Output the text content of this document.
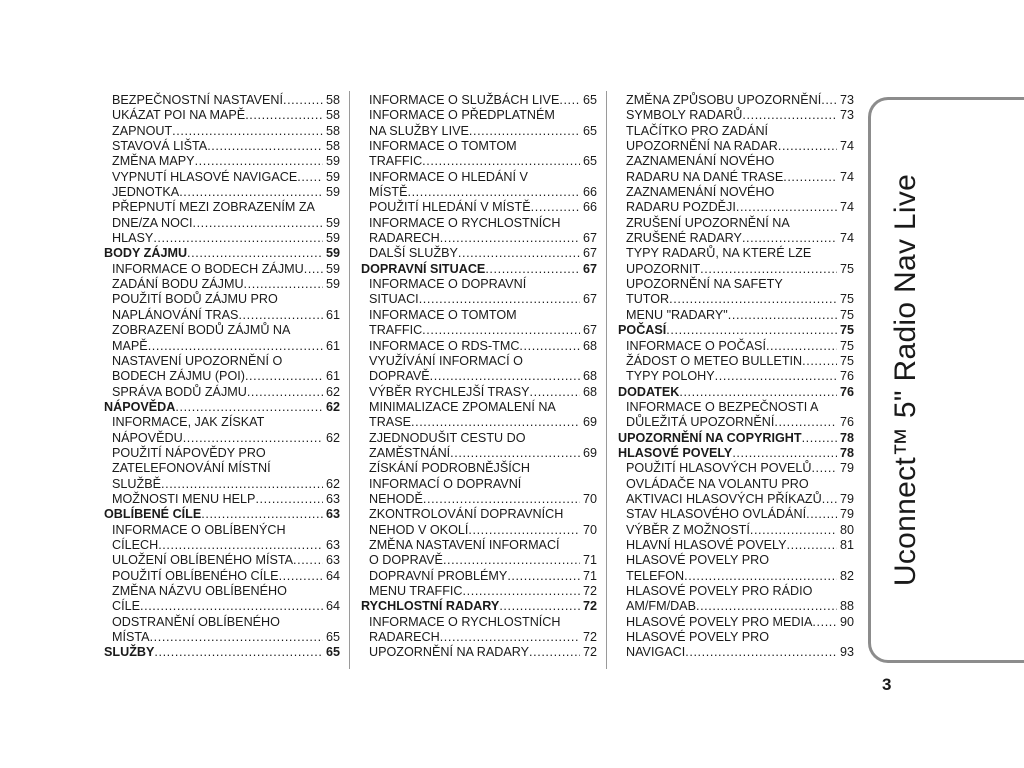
BEZPEČNOSTNÍ NASTAVENÍ .....	58
UKÁZAT POI NA MAPĚ .....	58
ZAPNOUT .....	58
STAVOVÁ LIŠTA .....	58
ZMĚNA MAPY .....	59
VYPNUTÍ HLASOVÉ NAVIGACE ..... 59
JEDNOTKA .....	59
PŘEPNUTÍ MEZI ZOBRAZENÍM ZA
DNE/ZA NOCI .....	59
HLASY .....	59
BODY ZÁJMU .....	59
INFORMACE O BODECH ZÁJMU ..... 59
ZADÁNÍ BODU ZÁJMU .....	59
POUŽITÍ BODŮ ZÁJMU PRO
NAPLÁNOVÁNÍ TRAS .....	61
ZOBRAZENÍ BODŮ ZÁJMŮ NA
MAPĚ .....	61
NASTAVENÍ UPOZORNĚNÍ O
BODECH ZÁJMU (POI) .....	61
SPRÁVA BODŮ ZÁJMU .....	62
NÁPOVĚDA .....	62
INFORMACE, JAK ZÍSKAT
NÁPOVĚDU .....	62
POUŽITÍ NÁPOVĚDY PRO
ZATELEFONOVÁNÍ MÍSTNÍ
SLUŽBĚ .....	62
MOŽNOSTI MENU HELP .....	63
OBLÍBENÉ CÍLE .....	63
INFORMACE O OBLÍBENÝCH
CÍLECH .....	63
ULOŽENÍ OBLÍBENÉHO MÍSTA .....	63
POUŽITÍ OBLÍBENÉHO CÍLE .....	64
ZMĚNA NÁZVU OBLÍBENÉHO
CÍLE .....	64
ODSTRANĚNÍ OBLÍBENÉHO
MÍSTA .....	65
SLUŽBY .....	65
INFORMACE O SLUŽBÁCH LIVE ..... 65
INFORMACE O PŘEDPLATNÉM
NA SLUŽBY LIVE .....	65
INFORMACE O TOMTOM
TRAFFIC .....	65
INFORMACE O HLEDÁNÍ V
MÍSTĚ .....	66
POUŽITÍ HLEDÁNÍ V MÍSTĚ .....	66
INFORMACE O RYCHLOSTNÍCH
RADARECH .....	67
DALŠÍ SLUŽBY .....	67
DOPRAVNÍ SITUACE .....	67
INFORMACE O DOPRAVNÍ
SITUACI .....	67
INFORMACE O TOMTOM
TRAFFIC .....	67
INFORMACE O RDS-TMC .....	68
VYUŽÍVÁNÍ INFORMACÍ O
DOPRAVĚ .....	68
VÝBĚR RYCHLEJŠÍ TRASY .....	68
MINIMALIZACE ZPOMALENÍ NA
TRASE .....	69
ZJEDNODUŠIT CESTU DO
ZAMĚSTNÁNÍ .....	69
ZÍSKÁNÍ PODROBNĚJŠÍCH
INFORMACÍ O DOPRAVNÍ
NEHODĚ .....	70
ZKONTROLOVÁNÍ DOPRAVNÍCH
NEHOD V OKOLÍ .....	70
ZMĚNA NASTAVENÍ INFORMACÍ
O DOPRAVĚ .....	71
DOPRAVNÍ PROBLÉMY .....	71
MENU TRAFFIC .....	72
RYCHLOSTNÍ RADARY .....	72
INFORMACE O RYCHLOSTNÍCH
RADARECH .....	72
UPOZORNĚNÍ NA RADARY .....	72
ZMĚNA ZPŮSOBU UPOZORNĚNÍ ..... 73
SYMBOLY RADARŮ .....	73
TLAČÍTKO PRO ZADÁNÍ
UPOZORNĚNÍ NA RADAR .....	74
ZAZNAMENÁNÍ NOVÉHO
RADARU NA DANÉ TRASE .....	74
ZAZNAMENÁNÍ NOVÉHO
RADARU POZDĚJI .....	74
ZRUŠENÍ UPOZORNĚNÍ NA
ZRUŠENÉ RADARY .....	74
TYPY RADARŮ, NA KTERÉ LZE
UPOZORNIT .....	75
UPOZORNĚNÍ NA SAFETY
TUTOR .....	75
MENU "RADARY" .....	75
POČASÍ .....	75
INFORMACE O POČASÍ .....	75
ŽÁDOST O METEO BULLETIN .....	75
TYPY POLOHY .....	76
DODATEK .....	76
INFORMACE O BEZPEČNOSTI A
DŮLEŽITÁ UPOZORNĚNÍ .....	76
UPOZORNĚNÍ NA COPYRIGHT .....	78
HLASOVÉ POVELY .....	78
POUŽITÍ HLASOVÝCH POVELŮ ..... 79
OVLÁDAČE NA VOLANTU PRO
AKTIVACI HLASOVÝCH PŘÍKAZŮ ..... 79
STAV HLASOVÉHO OVLÁDÁNÍ .....	79
VÝBĚR Z MOŽNOSTÍ .....	80
HLAVNÍ HLASOVÉ POVELY .....	81
HLASOVÉ POVELY PRO
TELEFON .....	82
HLASOVÉ POVELY PRO RÁDIO
AM/FM/DAB .....	88
HLASOVÉ POVELY PRO MEDIA ..... 90
HLASOVÉ POVELY PRO
NAVIGACI .....	93
Uconnect™ 5" Radio Nav Live
3
